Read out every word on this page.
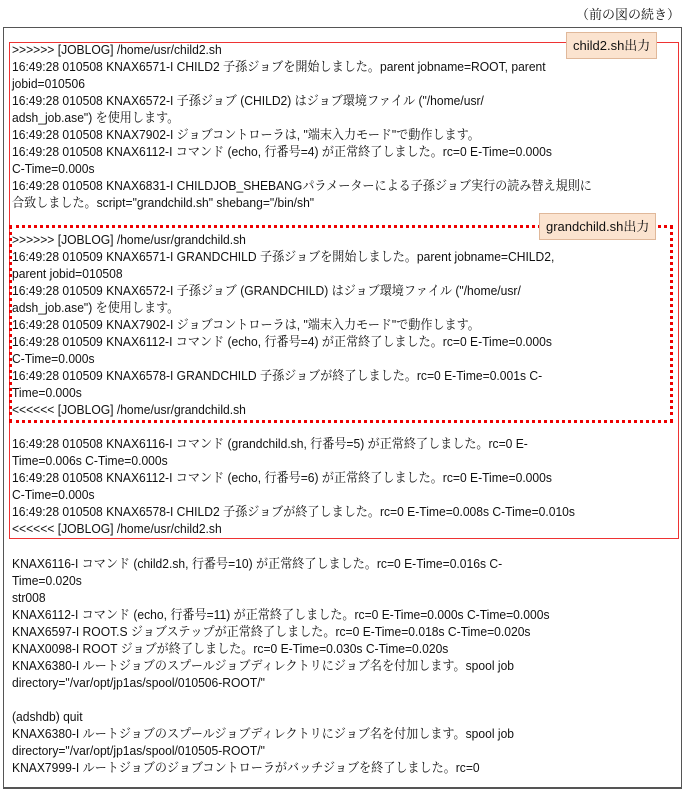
（前の図の続き）
>>>>>> [JOBLOG] /home/usr/child2.sh
16:49:28 010508 KNAX6571-I CHILD2 子孫ジョブを開始しました。parent jobname=ROOT, parent
jobid=010506
16:49:28 010508 KNAX6572-I 子孫ジョブ (CHILD2) はジョブ環境ファイル ("/home/usr/
adsh_job.ase") を使用します。
16:49:28 010508 KNAX7902-I ジョブコントローラは, "端末入力モード"で動作します。
16:49:28 010508 KNAX6112-I コマンド (echo, 行番号=4) が正常終了しました。rc=0 E-Time=0.000s
C-Time=0.000s
16:49:28 010508 KNAX6831-I CHILDJOB_SHEBANGパラメーターによる子孫ジョブ実行の読み替え規則に
合致しました。script="grandchild.sh" shebang="/bin/sh"
>>>>>> [JOBLOG] /home/usr/grandchild.sh
16:49:28 010509 KNAX6571-I GRANDCHILD 子孫ジョブを開始しました。parent jobname=CHILD2,
parent jobid=010508
16:49:28 010509 KNAX6572-I 子孫ジョブ (GRANDCHILD) はジョブ環境ファイル ("/home/usr/
adsh_job.ase") を使用します。
16:49:28 010509 KNAX7902-I ジョブコントローラは, "端末入力モード"で動作します。
16:49:28 010509 KNAX6112-I コマンド (echo, 行番号=4) が正常終了しました。rc=0 E-Time=0.000s
C-Time=0.000s
16:49:28 010509 KNAX6578-I GRANDCHILD 子孫ジョブが終了しました。rc=0 E-Time=0.001s C-
Time=0.000s
<<<<<< [JOBLOG] /home/usr/grandchild.sh
16:49:28 010508 KNAX6116-I コマンド (grandchild.sh, 行番号=5) が正常終了しました。rc=0 E-
Time=0.006s C-Time=0.000s
16:49:28 010508 KNAX6112-I コマンド (echo, 行番号=6) が正常終了しました。rc=0 E-Time=0.000s
C-Time=0.000s
16:49:28 010508 KNAX6578-I CHILD2 子孫ジョブが終了しました。rc=0 E-Time=0.008s C-Time=0.010s
<<<<<< [JOBLOG] /home/usr/child2.sh
KNAX6116-I コマンド (child2.sh, 行番号=10) が正常終了しました。rc=0 E-Time=0.016s C-
Time=0.020s
str008
KNAX6112-I コマンド (echo, 行番号=11) が正常終了しました。rc=0 E-Time=0.000s C-Time=0.000s
KNAX6597-I ROOT.S ジョブステップが正常終了しました。rc=0 E-Time=0.018s C-Time=0.020s
KNAX0098-I ROOT ジョブが終了しました。rc=0 E-Time=0.030s C-Time=0.020s
KNAX6380-I ルートジョブのスプールジョブディレクトリにジョブ名を付加します。spool job
directory="/var/opt/jp1as/spool/010506-ROOT/"
(adshdb) quit
KNAX6380-I ルートジョブのスプールジョブディレクトリにジョブ名を付加します。spool job
directory="/var/opt/jp1as/spool/010505-ROOT/"
KNAX7999-I ルートジョブのジョブコントローラがバッチジョブを終了しました。rc=0
child2.sh出力
grandchild.sh出力
